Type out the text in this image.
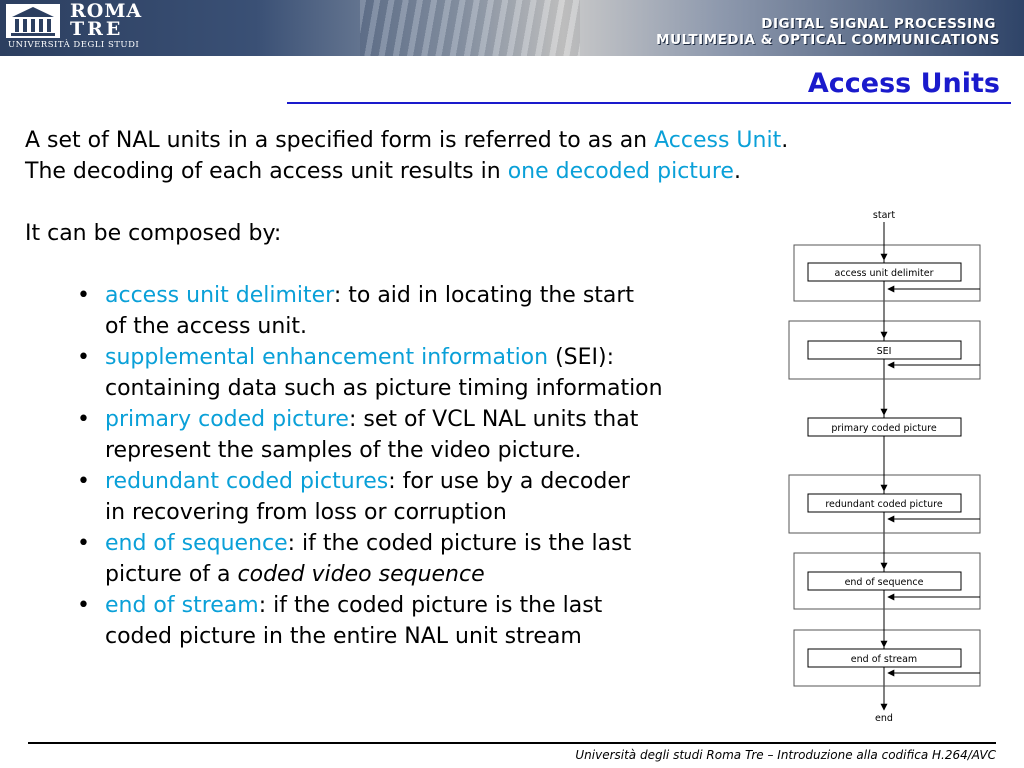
ROMA
TRE
UNIVERSITÀ DEGLI STUDI
DIGITAL SIGNAL PROCESSING
MULTIMEDIA & OPTICAL COMMUNICATIONS
Access Units

A set of NAL units in a specified form is referred to as an Access Unit.

The decoding of each access unit results in one decoded picture.

It can be composed by:

• access unit delimiter: to aid in locating the start
of the access unit.
• supplemental enhancement information (SEI):
containing data such as picture timing information
• primary coded picture: set of VCL NAL units that
represent the samples of the video picture.
• redundant coded pictures: for use by a decoder
in recovering from loss or corruption
• end of sequence: if the coded picture is the last
picture of a coded video sequence
• end of stream: if the coded picture is the last
coded picture in the entire NAL unit stream
start
access unit delimiter
SEI
primary coded picture
redundant coded picture
end of sequence
end of stream
end
Università degli studi Roma Tre – Introduzione alla codifica H.264/AVC
